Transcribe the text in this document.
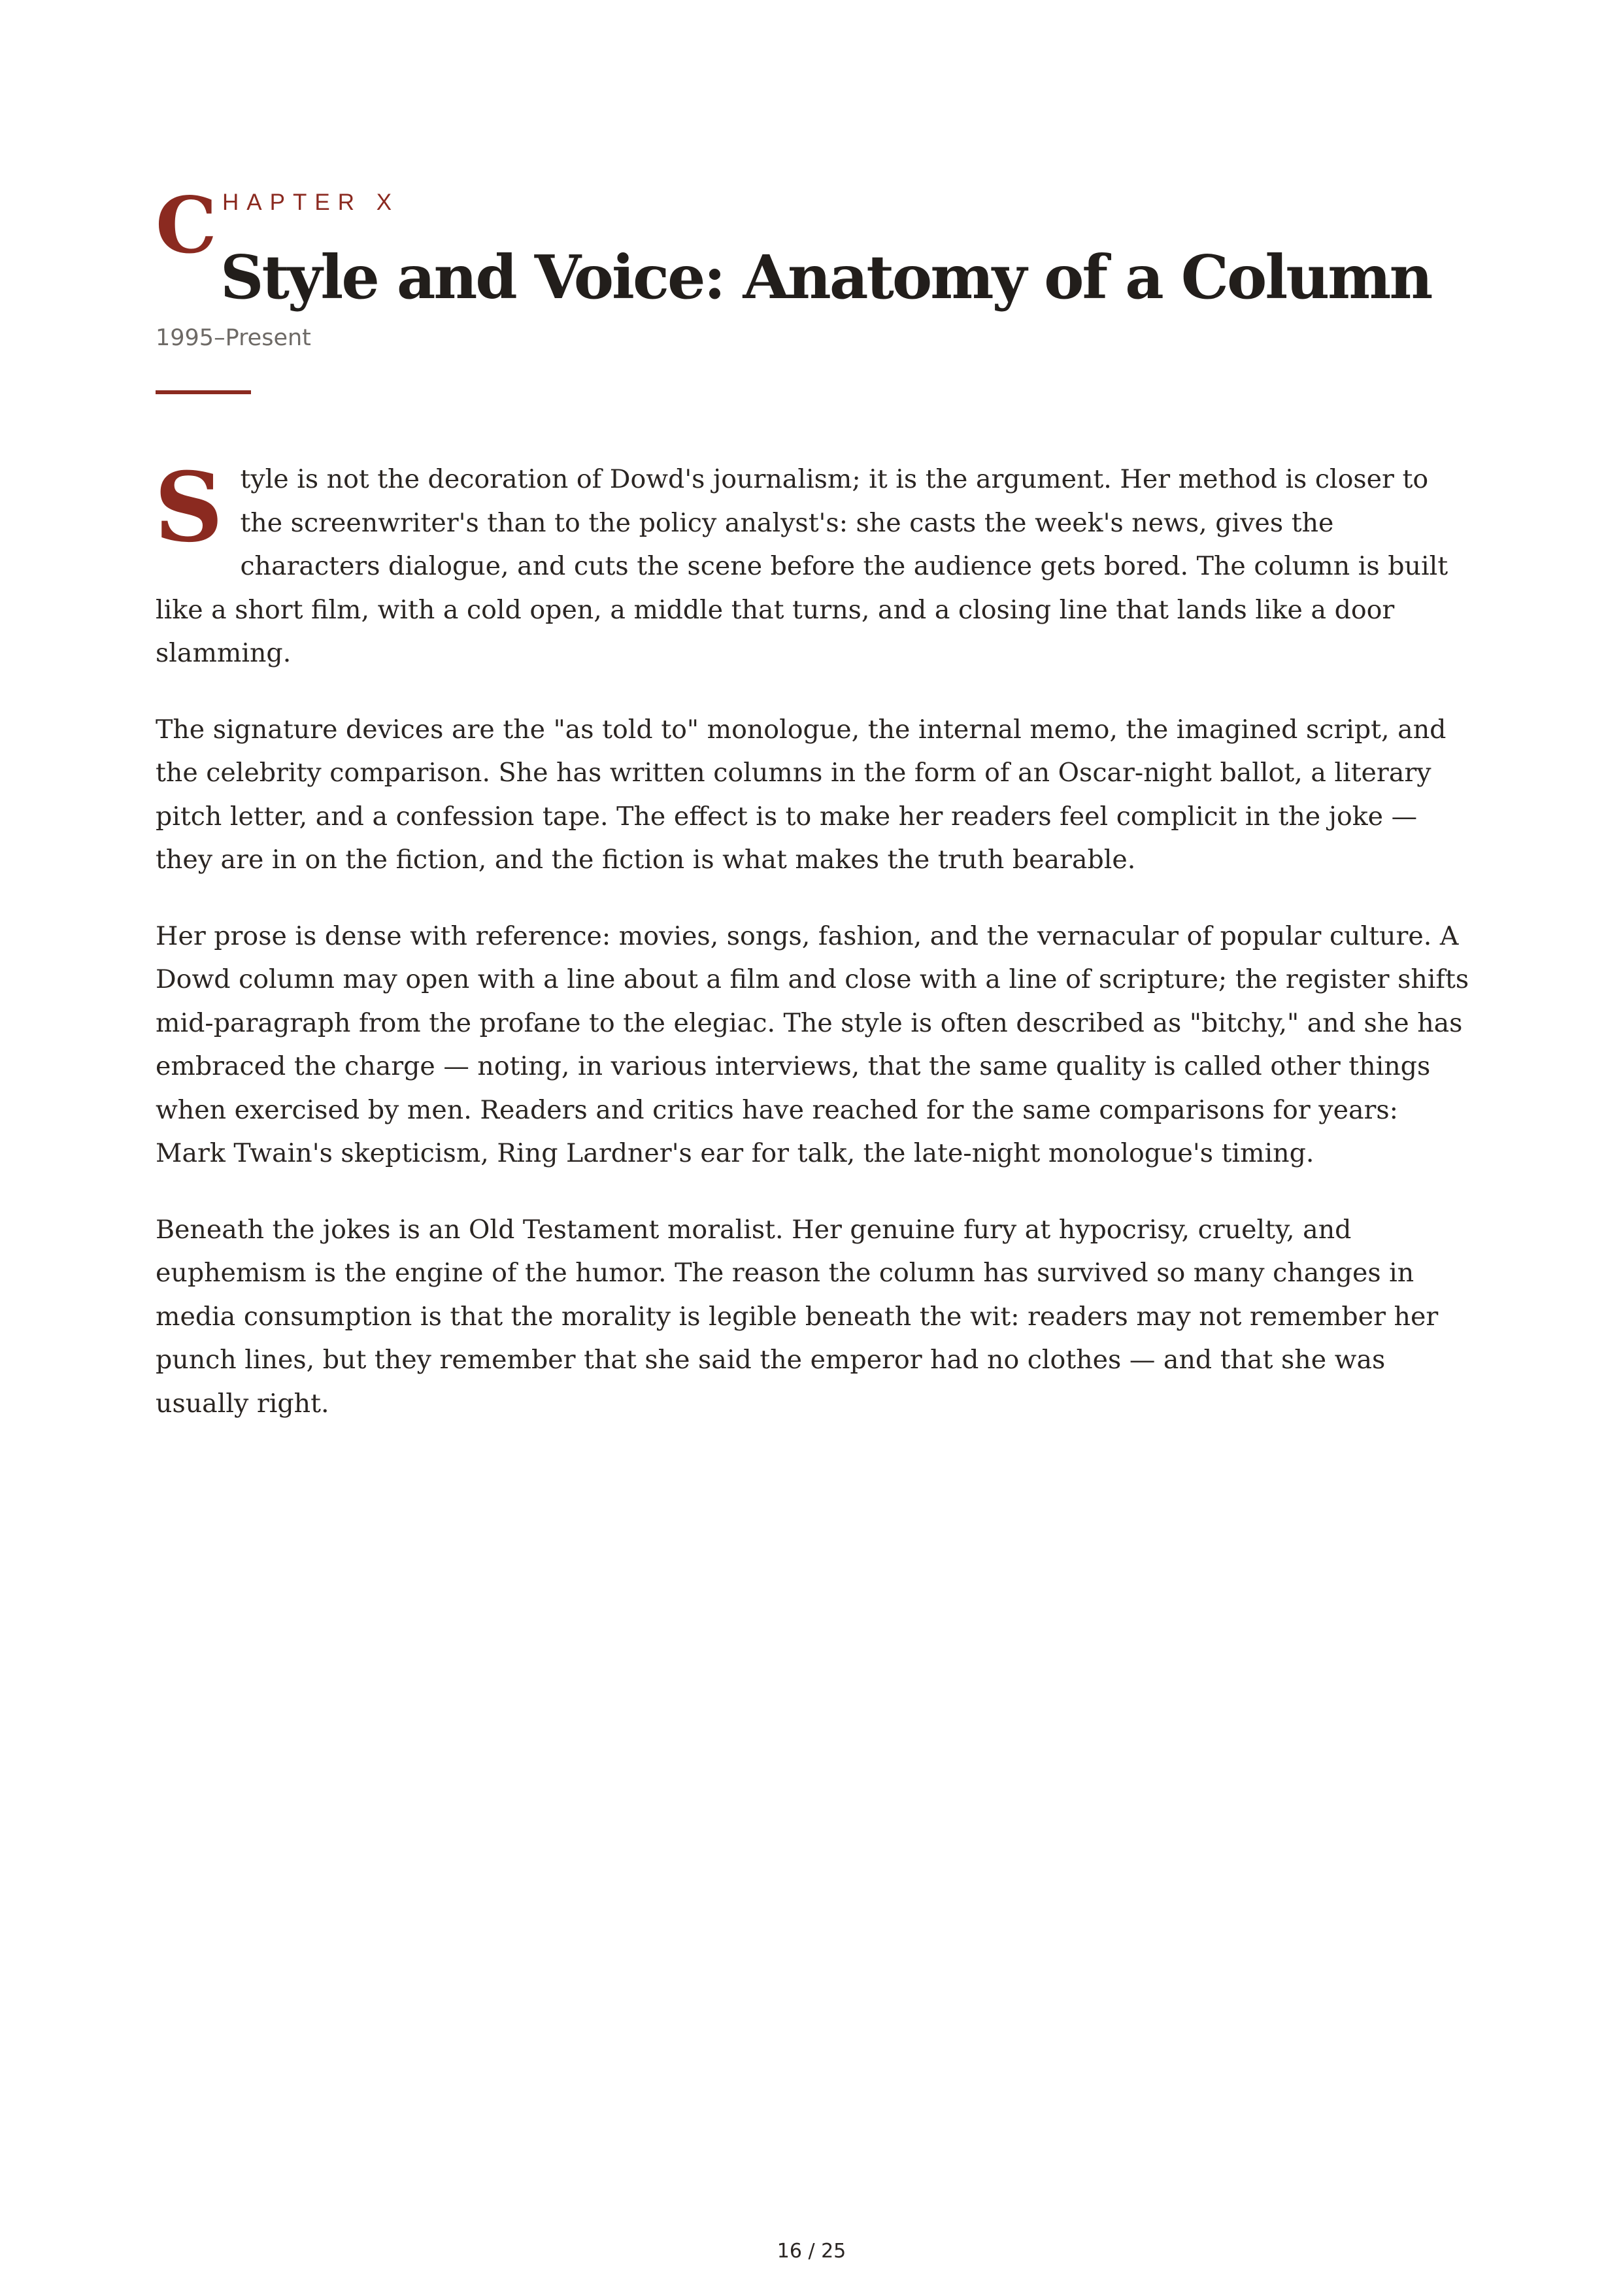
C HAPTER X
Style and Voice: Anatomy of a Column
1995–Present

Style is not the decoration of Dowd's journalism; it is the argument. Her method is closer to the screenwriter's than to the policy analyst's: she casts the week's news, gives the characters dialogue, and cuts the scene before the audience gets bored. The column is built like a short film, with a cold open, a middle that turns, and a closing line that lands like a door slamming.

The signature devices are the "as told to" monologue, the internal memo, the imagined script, and the celebrity comparison. She has written columns in the form of an Oscar-night ballot, a literary pitch letter, and a confession tape. The effect is to make her readers feel complicit in the joke — they are in on the fiction, and the fiction is what makes the truth bearable.

Her prose is dense with reference: movies, songs, fashion, and the vernacular of popular culture. A Dowd column may open with a line about a film and close with a line of scripture; the register shifts mid-paragraph from the profane to the elegiac. The style is often described as "bitchy," and she has embraced the charge — noting, in various interviews, that the same quality is called other things when exercised by men. Readers and critics have reached for the same comparisons for years: Mark Twain's skepticism, Ring Lardner's ear for talk, the late-night monologue's timing.

Beneath the jokes is an Old Testament moralist. Her genuine fury at hypocrisy, cruelty, and euphemism is the engine of the humor. The reason the column has survived so many changes in media consumption is that the morality is legible beneath the wit: readers may not remember her punch lines, but they remember that she said the emperor had no clothes — and that she was usually right.

16 / 25
